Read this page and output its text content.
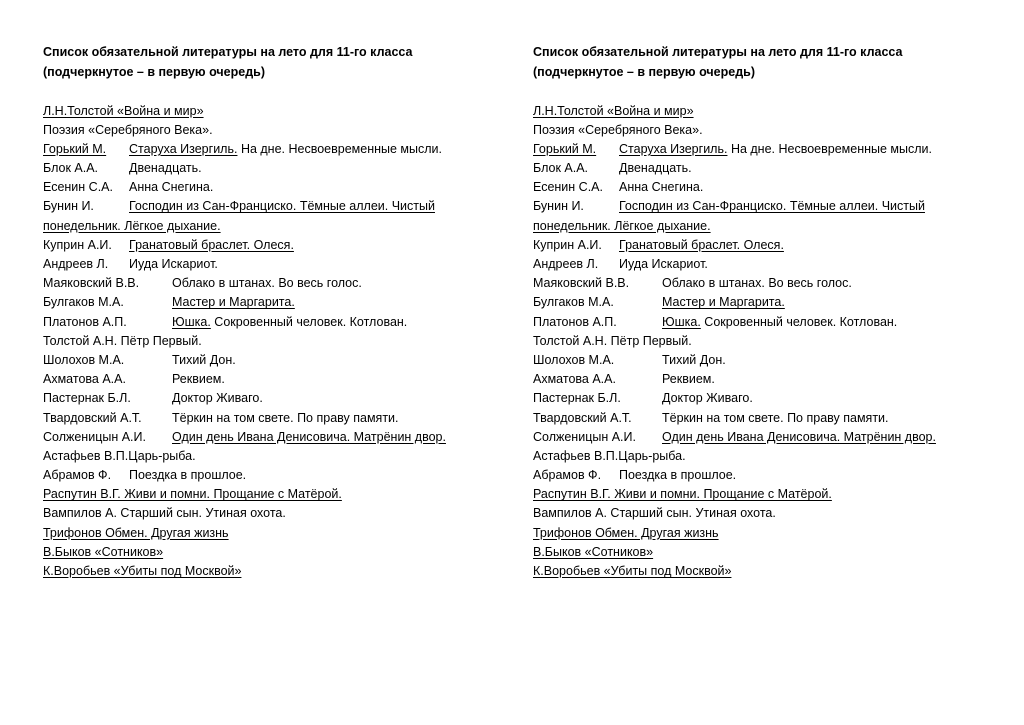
Список обязательной литературы на лето для 11-го класса

(подчеркнутое – в первую очередь)

Л.Н.Толстой «Война и мир»
Поэзия «Серебряного Века».
Горький М. Старуха Изергиль. На дне. Несвоевременные мысли.
Блок А.А. Двенадцать.
Есенин С.А. Анна Снегина.
Бунин И.	Господин из Сан-Франциско. Тёмные аллеи. Чистый
понедельник. Лёгкое дыхание.
Куприн А.И. Гранатовый браслет. Олеся.
Андреев Л. Иуда Искариот.
Маяковский В.В.	Облако в штанах. Во весь голос.
Булгаков М.А.	Мастер и Маргарита.
Платонов А.П.	Юшка. Сокровенный человек. Котлован.
Толстой А.Н. Пётр Первый.
Шолохов М.А.	Тихий Дон.
Ахматова А.А.	Реквием.
Пастернак Б.Л.	Доктор Живаго.
Твардовский А.Т. Тёркин на том свете. По праву памяти.
Солженицын А.И. Один день Ивана Денисовича. Матрёнин двор.
Астафьев В.П.Царь-рыба.
Абрамов Ф. Поездка в прошлое.
Распутин В.Г. Живи и помни. Прощание с Матёрой.
Вампилов А. Старший сын. Утиная охота.
Трифонов Обмен. Другая жизнь
В.Быков «Сотников»
К.Воробьев «Убиты под Москвой»

Список обязательной литературы на лето для 11-го класса

(подчеркнутое – в первую очередь)

Л.Н.Толстой «Война и мир»
Поэзия «Серебряного Века».
Горький М. Старуха Изергиль. На дне. Несвоевременные мысли.
Блок А.А. Двенадцать.
Есенин С.А. Анна Снегина.
Бунин И.	Господин из Сан-Франциско. Тёмные аллеи. Чистый
понедельник. Лёгкое дыхание.
Куприн А.И. Гранатовый браслет. Олеся.
Андреев Л. Иуда Искариот.
Маяковский В.В.	Облако в штанах. Во весь голос.
Булгаков М.А.	Мастер и Маргарита.
Платонов А.П.	Юшка. Сокровенный человек. Котлован.
Толстой А.Н. Пётр Первый.
Шолохов М.А.	Тихий Дон.
Ахматова А.А.	Реквием.
Пастернак Б.Л.	Доктор Живаго.
Твардовский А.Т. Тёркин на том свете. По праву памяти.
Солженицын А.И. Один день Ивана Денисовича. Матрёнин двор.
Астафьев В.П.Царь-рыба.
Абрамов Ф. Поездка в прошлое.
Распутин В.Г. Живи и помни. Прощание с Матёрой.
Вампилов А. Старший сын. Утиная охота.
Трифонов Обмен. Другая жизнь
В.Быков «Сотников»
К.Воробьев «Убиты под Москвой»
